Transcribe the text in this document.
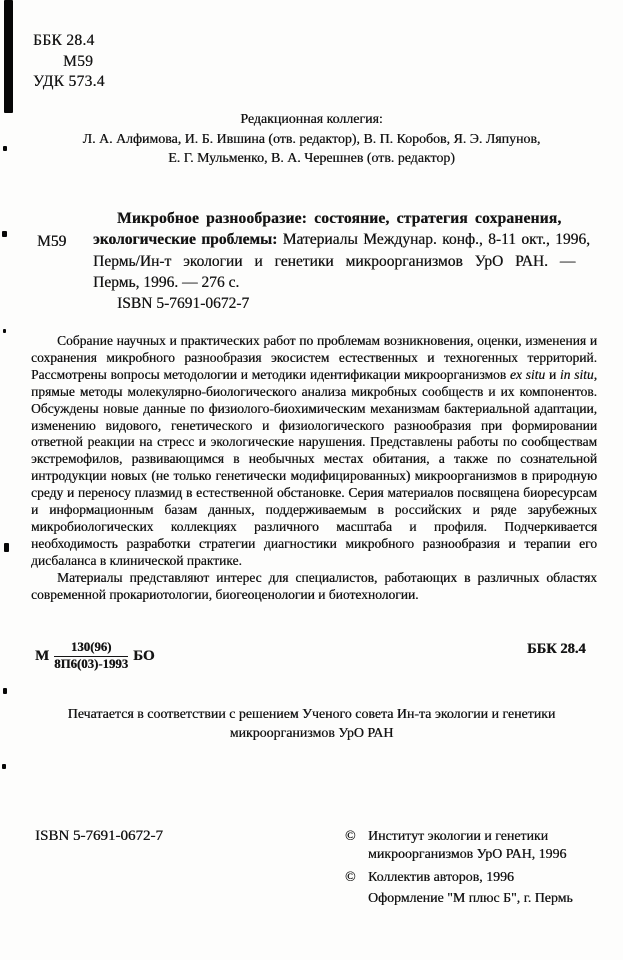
ББК 28.4
М59
УДК 573.4
Редакционная коллегия:
Л. А. Алфимова, И. Б. Ившина (отв. редактор), В. П. Коробов, Я. Э. Ляпунов,
Е. Г. Мульменко, В. А. Черешнев (отв. редактор)
М59
Микробное разнообразие: состояние, стратегия сохранения,
экологические проблемы: Материалы Междунар. конф., 8-11 окт., 1996,
Пермь/Ин-т экологии и генетики микроорганизмов УрО РАН. —
Пермь, 1996. — 276 с.
ISBN 5-7691-0672-7

Собрание научных и практических работ по проблемам возникновения, оценки, изменения и сохранения микробного разнообразия экосистем естественных и техногенных территорий. Рассмотрены вопросы методологии и методики идентификации микроорганизмов ex situ и in situ, прямые методы молекулярно-биологического анализа микробных сообществ и их компонентов. Обсуждены новые данные по физиолого-биохимическим механизмам бактериальной адаптации, изменению видового, генетического и физиологического разнообразия при формировании ответной реакции на стресс и экологические нарушения. Представлены работы по сообществам экстремофилов, развивающимся в необычных местах обитания, а также по сознательной интродукции новых (не только генетически модифицированных) микроорганизмов в природную среду и переносу плазмид в естественной обстановке. Серия материалов посвящена биоресурсам и информационным базам данных, поддерживаемым в российских и ряде зарубежных микробиологических коллекциях различного масштаба и профиля. Подчеркивается необходимость разработки стратегии диагностики микробного разнообразия и терапии его дисбаланса в клинической практике.

Материалы представляют интерес для специалистов, работающих в различных областях современной прокариотологии, биогеоценологии и биотехнологии.

М $\frac{130(96)}{8П6(03)-1993}$ БО	ББК 28.4
Печатается в соответствии с решением Ученого совета Ин-та экологии и генетики
микроорганизмов УрО РАН
ISBN 5-7691-0672-7	© Институт экологии и генетики
микроорганизмов УрО РАН, 1996
© Коллектив авторов, 1996
Оформление "М плюс Б", г. Пермь
